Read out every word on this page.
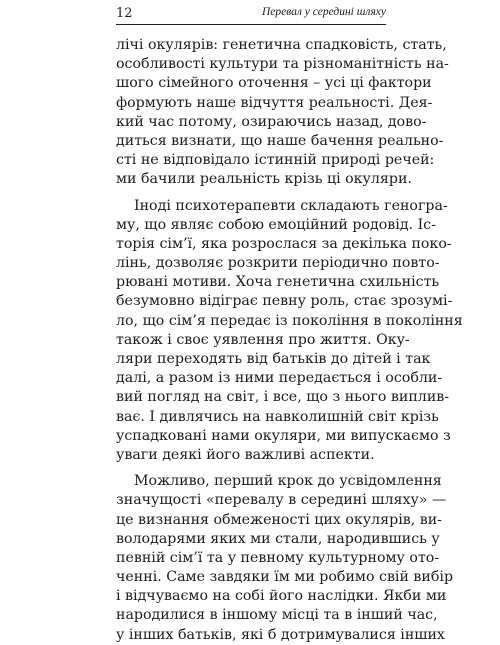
12	Перевал у середині шляху
лічі окулярів: генетична спадковість, стать,
особливості культури та різноманітність на-
шого сімейного оточення – усі ці фактори
формують наше відчуття реальності. Дея-
кий час потому, озираючись назад, дово-
диться визнати, що наше бачення реально-
сті не відповідало істинній природі речей:
ми бачили реальність крізь ці окуляри.
Іноді психотерапевти складають геногра-
му, що являє собою емоційний родовід. Іс-
торія сім’ї, яка розрослася за декілька поко-
лінь, дозволяє розкрити періодично повто-
рювані мотиви. Хоча генетична схильність
безумовно відіграє певну роль, стає зрозумі-
ло, що сім’я передає із покоління в покоління
також і своє уявлення про життя. Оку-
ляри переходять від батьків до дітей і так
далі, а разом із ними передається і особли-
вий погляд на світ, і все, що з нього виплив-
ває. І дивлячись на навколишній світ крізь
успадковані нами окуляри, ми випускаємо з
уваги деякі його важливі аспекти.
Можливо, перший крок до усвідомлення
значущості «перевалу в середині шляху» —
це визнання обмеженості цих окулярів, ви-
володарями яких ми стали, народившись у
певній сім’ї та у певному культурному ото-
ченні. Саме завдяки їм ми робимо свій вибір
і відчуваємо на собі його наслідки. Якби ми
народилися в іншому місці та в інший час,
у інших батьків, які б дотримувалися інших
